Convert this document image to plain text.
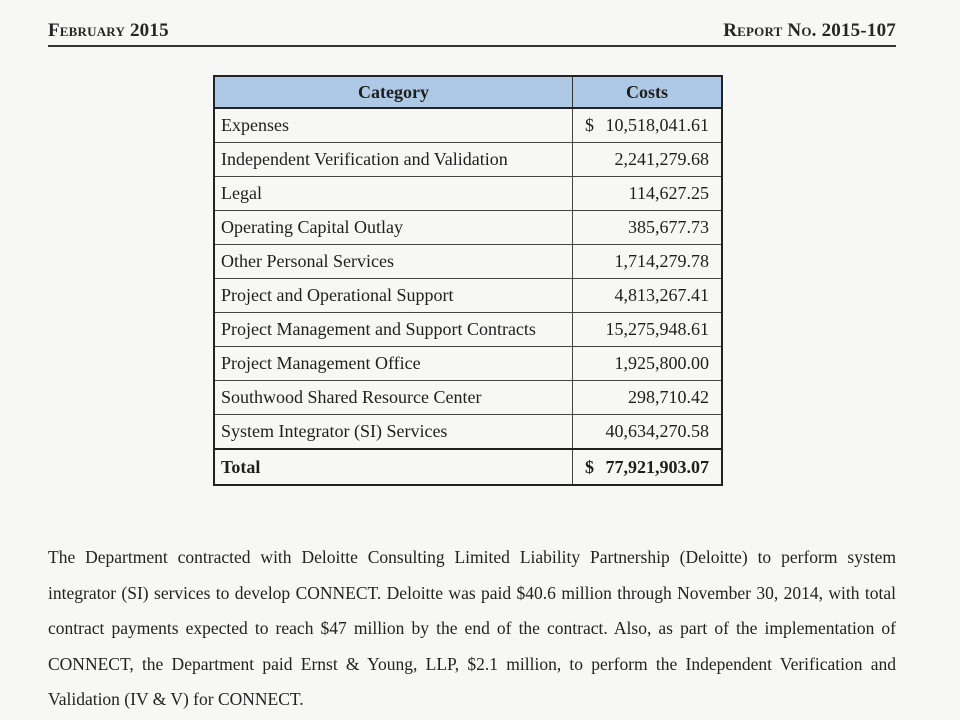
February 2015	Report No. 2015-107
Category	Costs
Expenses	$ 10,518,041.61
Independent Verification and Validation	2,241,279.68
Legal	114,627.25
Operating Capital Outlay	385,677.73
Other Personal Services	1,714,279.78
Project and Operational Support	4,813,267.41
Project Management and Support Contracts	15,275,948.61
Project Management Office	1,925,800.00
Southwood Shared Resource Center	298,710.42
System Integrator (SI) Services	40,634,270.58
Total	$ 77,921,903.07
The Department contracted with Deloitte Consulting Limited Liability Partnership (Deloitte) to perform system integrator (SI) services to develop CONNECT. Deloitte was paid $40.6 million through November 30, 2014, with total contract payments expected to reach $47 million by the end of the contract. Also, as part of the implementation of CONNECT, the Department paid Ernst & Young, LLP, $2.1 million, to perform the Independent Verification and Validation (IV & V) for CONNECT.
